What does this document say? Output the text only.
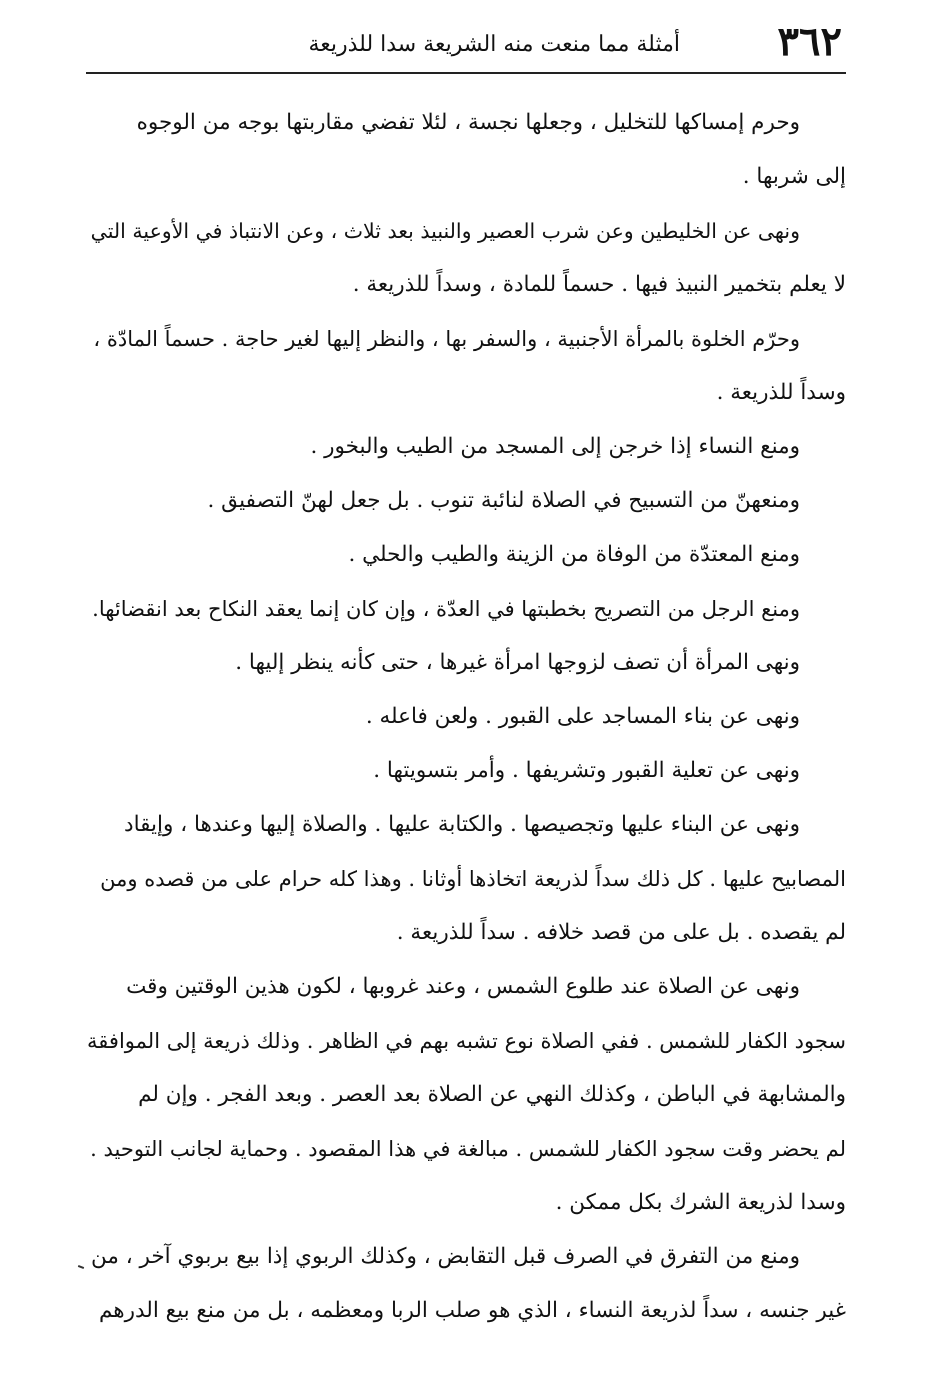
٣٦٢
أمثلة مما منعت منه الشريعة سدا للذريعة
وحرم إمساكها للتخليل ، وجعلها نجسة ، لئلا تفضي مقاربتها بوجه من الوجوه
إلى شربها .
ونهى عن الخليطين وعن شرب العصير والنبيذ بعد ثلاث ، وعن الانتباذ في الأوعية التي
لا يعلم بتخمير النبيذ فيها . حسماً للمادة ، وسداً للذريعة .
وحرّم الخلوة بالمرأة الأجنبية ، والسفر بها ، والنظر إليها لغير حاجة . حسماً المادّة ،
وسداً للذريعة .
ومنع النساء إذا خرجن إلى المسجد من الطيب والبخور .
ومنعهنّ من التسبيح في الصلاة لنائبة تنوب . بل جعل لهنّ التصفيق .
ومنع المعتدّة من الوفاة من الزينة والطيب والحلي .
ومنع الرجل من التصريح بخطبتها في العدّة ، وإن كان إنما يعقد النكاح بعد انقضائها.
ونهى المرأة أن تصف لزوجها امرأة غيرها ، حتى كأنه ينظر إليها .
ونهى عن بناء المساجد على القبور . ولعن فاعله .
ونهى عن تعلية القبور وتشريفها . وأمر بتسويتها .
ونهى عن البناء عليها وتجصيصها . والكتابة عليها . والصلاة إليها وعندها ، وإيقاد
المصابيح عليها . كل ذلك سداً لذريعة اتخاذها أوثانا . وهذا كله حرام على من قصده ومن
لم يقصده . بل على من قصد خلافه . سداً للذريعة .
ونهى عن الصلاة عند طلوع الشمس ، وعند غروبها ، لكون هذين الوقتين وقت
سجود الكفار للشمس . ففي الصلاة نوع تشبه بهم في الظاهر . وذلك ذريعة إلى الموافقة
والمشابهة في الباطن ، وكذلك النهي عن الصلاة بعد العصر . وبعد الفجر . وإن لم
لم يحضر وقت سجود الكفار للشمس . مبالغة في هذا المقصود . وحماية لجانب التوحيد .
وسدا لذريعة الشرك بكل ممكن .
ومنع من التفرق في الصرف قبل التقابض ، وكذلك الربوي إذا بيع بربوي آخر ، من
غير جنسه ، سداً لذريعة النساء ، الذي هو صلب الربا ومعظمه ، بل من منع بيع الدرهم
